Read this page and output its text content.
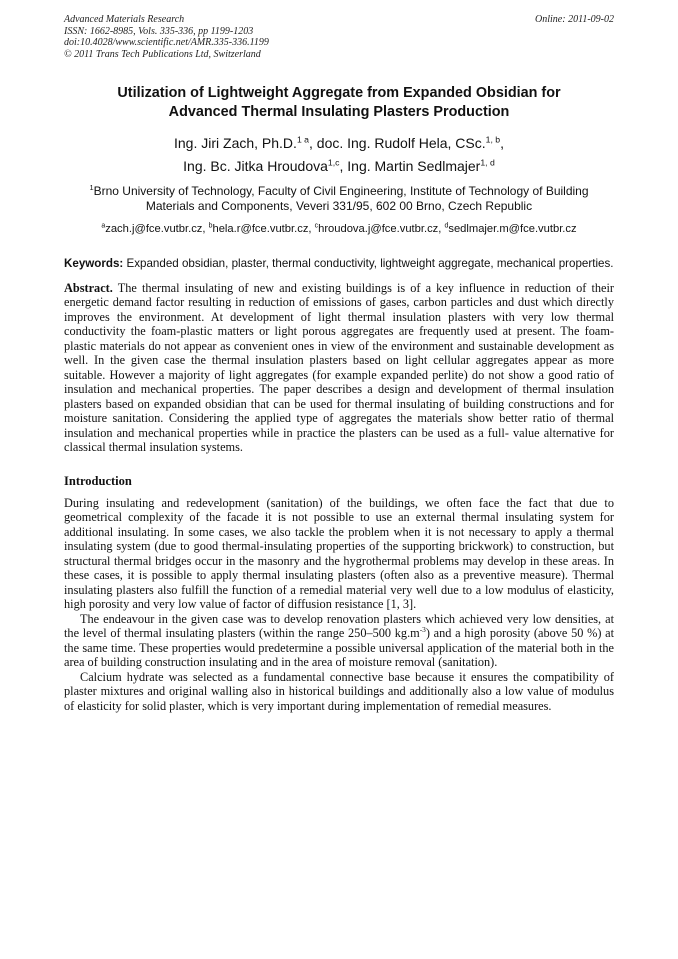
Advanced Materials Research
ISSN: 1662-8985, Vols. 335-336, pp 1199-1203
doi:10.4028/www.scientific.net/AMR.335-336.1199
© 2011 Trans Tech Publications Ltd, Switzerland
Online: 2011-09-02
Utilization of Lightweight Aggregate from Expanded Obsidian for
Advanced Thermal Insulating Plasters Production
Ing. Jiri Zach, Ph.D.$^{1 a}$, doc. Ing. Rudolf Hela, CSc.$^{1, b}$,
Ing. Bc. Jitka Hroudova$^{1,c}$, Ing. Martin Sedlmajer$^{1, d}$
$^1$Brno University of Technology, Faculty of Civil Engineering, Institute of Technology of Building
Materials and Components, Veveri 331/95, 602 00 Brno, Czech Republic
$^a$zach.j@fce.vutbr.cz, $^b$hela.r@fce.vutbr.cz, $^c$hroudova.j@fce.vutbr.cz, $^d$sedlmajer.m@fce.vutbr.cz
Keywords: Expanded obsidian, plaster, thermal conductivity, lightweight aggregate, mechanical properties.
Abstract. The thermal insulating of new and existing buildings is of a key influence in reduction of their energetic demand factor resulting in reduction of emissions of gases, carbon particles and dust which directly improves the environment. At development of light thermal insulation plasters with very low thermal conductivity the foam-plastic matters or light porous aggregates are frequently used at present. The foam-plastic materials do not appear as convenient ones in view of the environment and sustainable development as well. In the given case the thermal insulation plasters based on light cellular aggregates appear as more suitable. However a majority of light aggregates (for example expanded perlite) do not show a good ratio of insulation and mechanical properties. The paper describes a design and development of thermal insulation plasters based on expanded obsidian that can be used for thermal insulating of building constructions and for moisture sanitation. Considering the applied type of aggregates the materials show better ratio of thermal insulation and mechanical properties while in practice the plasters can be used as a full- value alternative for classical thermal insulation systems.
Introduction

During insulating and redevelopment (sanitation) of the buildings, we often face the fact that due to geometrical complexity of the facade it is not possible to use an external thermal insulating system for additional insulating. In some cases, we also tackle the problem when it is not necessary to apply a thermal insulating system (due to good thermal-insulating properties of the supporting brickwork) to construction, but structural thermal bridges occur in the masonry and the hygrothermal problems may develop in these areas. In these cases, it is possible to apply thermal insulating plasters (often also as a preventive measure). Thermal insulating plasters also fulfill the function of a remedial material very well due to a low modulus of elasticity, high porosity and very low value of factor of diffusion resistance [1, 3].

The endeavour in the given case was to develop renovation plasters which achieved very low densities, at the level of thermal insulating plasters (within the range 250–500 $kg.m^{-3}$) and a high porosity (above 50 %) at the same time. These properties would predetermine a possible universal application of the material both in the area of building construction insulating and in the area of moisture removal (sanitation).

Calcium hydrate was selected as a fundamental connective base because it ensures the compatibility of plaster mixtures and original walling also in historical buildings and additionally also a low value of modulus of elasticity for solid plaster, which is very important during implementation of remedial measures.
